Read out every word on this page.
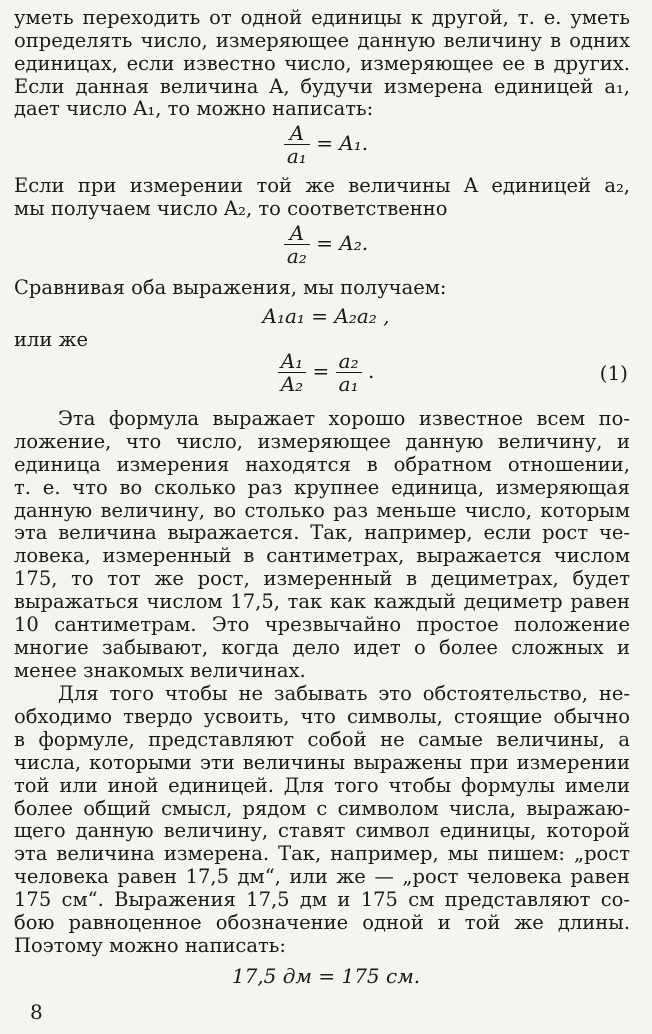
уметь переходить от одной единицы к другой, т. е. уметь
определять число, измеряющее данную величину в одних
единицах, если известно число, измеряющее ее в других.
Если данная величина A, будучи измерена единицей a₁,
дает число A₁, то можно написать:
$\frac{A}{\text{a₁}} = A_1$.
Если при измерении той же величины A единицей a₂,
мы получаем число A₂, то соответственно
$\frac{A}{\text{a₂}} = A_2$.
Сравнивая оба выражения, мы получаем:
A₁a₁ = A₂a₂ ,
или же
$\frac{\text{A₁}}{\text{A₂}} = \frac{\text{a₂}}{\text{a₁}}$ .	(1)
Эта формула выражает хорошо известное всем по-
ложение, что число, измеряющее данную величину, и
единица измерения находятся в обратном отношении,
т. е. что во сколько раз крупнее единица, измеряющая
данную величину, во столько раз меньше число, которым
эта величина выражается. Так, например, если рост че-
ловека, измеренный в сантиметрах, выражается числом
175, то тот же рост, измеренный в дециметрах, будет
выражаться числом 17,5, так как каждый дециметр равен
10 сантиметрам. Это чрезвычайно простое положение
многие забывают, когда дело идет о более сложных и
менее знакомых величинах.
Для того чтобы не забывать это обстоятельство, не-
обходимо твердо усвоить, что символы, стоящие обычно
в формуле, представляют собой не самые величины, а
числа, которыми эти величины выражены при измерении
той или иной единицей. Для того чтобы формулы имели
более общий смысл, рядом с символом числа, выражаю-
щего данную величину, ставят символ единицы, которой
эта величина измерена. Так, например, мы пишем: „рост
человека равен 17,5 дм“, или же — „рост человека равен
175 см“. Выражения 17,5 дм и 175 см представляют со-
бою равноценное обозначение одной и той же длины.
Поэтому можно написать:
8
17,5 дм = 175 см.
